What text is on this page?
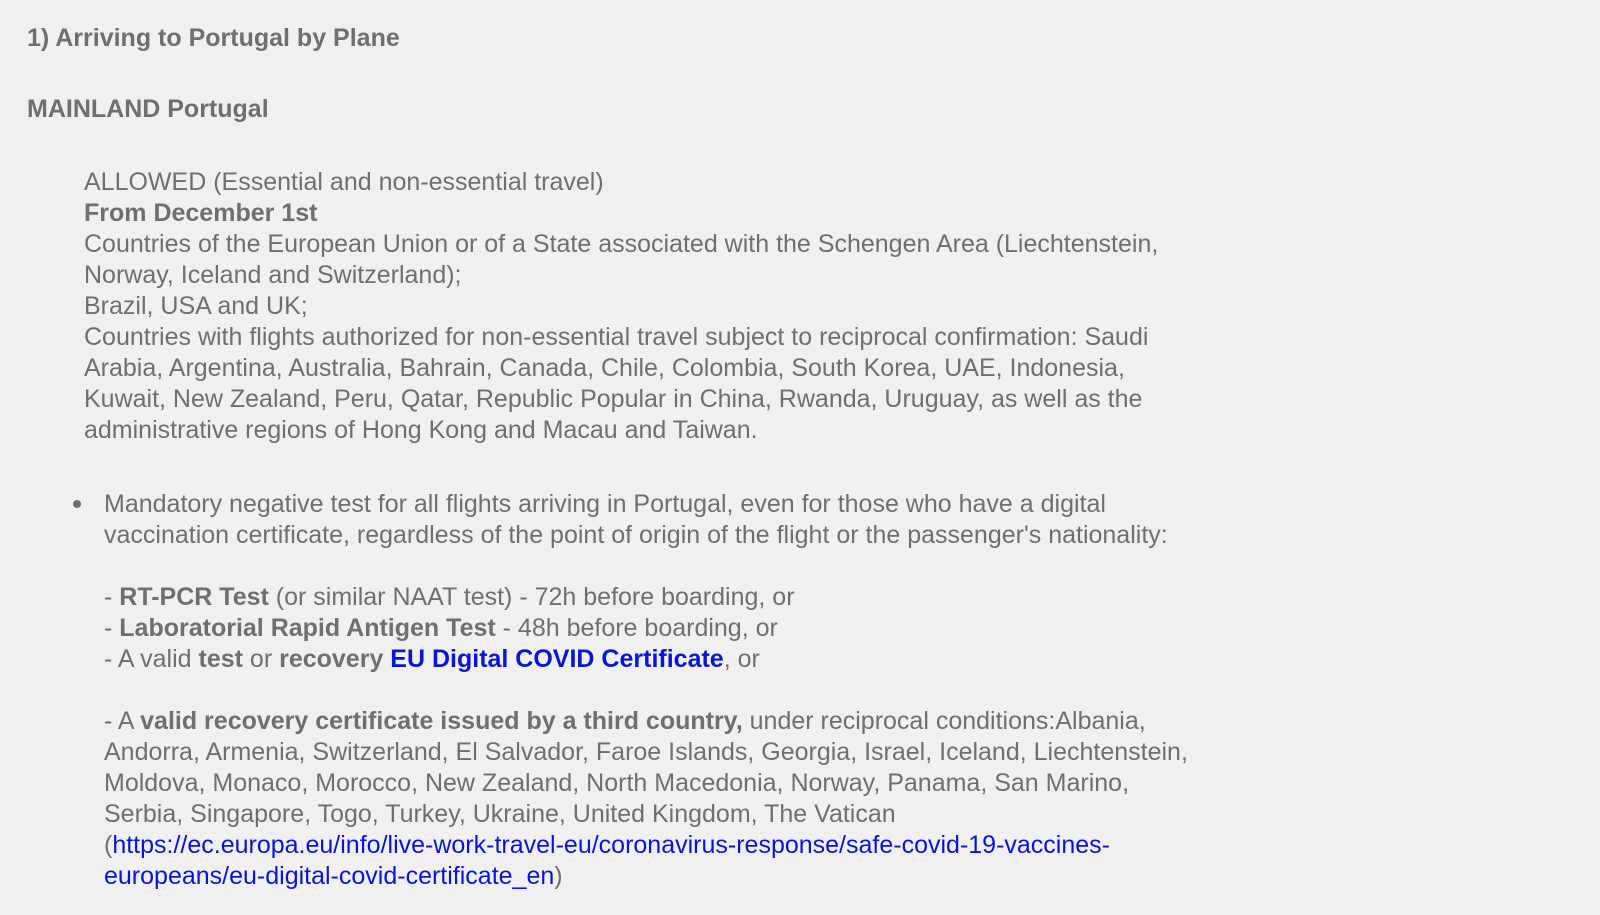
1) Arriving to Portugal by Plane
MAINLAND Portugal

ALLOWED (Essential and non-essential travel)

From December 1st

Countries of the European Union or of a State associated with the Schengen Area (Liechtenstein,

Norway, Iceland and Switzerland);

Brazil, USA and UK;

Countries with flights authorized for non-essential travel subject to reciprocal confirmation: Saudi

Arabia, Argentina, Australia, Bahrain, Canada, Chile, Colombia, South Korea, UAE, Indonesia,

Kuwait, New Zealand, Peru, Qatar, Republic Popular in China, Rwanda, Uruguay, as well as the

administrative regions of Hong Kong and Macau and Taiwan.

Mandatory negative test for all flights arriving in Portugal, even for those who have a digital

vaccination certificate, regardless of the point of origin of the flight or the passenger's nationality:

- RT-PCR Test (or similar NAAT test) - 72h before boarding, or

- Laboratorial Rapid Antigen Test - 48h before boarding, or

- A valid test or recovery EU Digital COVID Certificate, or

- A valid recovery certificate issued by a third country, under reciprocal conditions:Albania,

Andorra, Armenia, Switzerland, El Salvador, Faroe Islands, Georgia, Israel, Iceland, Liechtenstein,

Moldova, Monaco, Morocco, New Zealand, North Macedonia, Norway, Panama, San Marino,

Serbia, Singapore, Togo, Turkey, Ukraine, United Kingdom, The Vatican

(https://ec.europa.eu/info/live-work-travel-eu/coronavirus-response/safe-covid-19-vaccines-

europeans/eu-digital-covid-certificate_en)
